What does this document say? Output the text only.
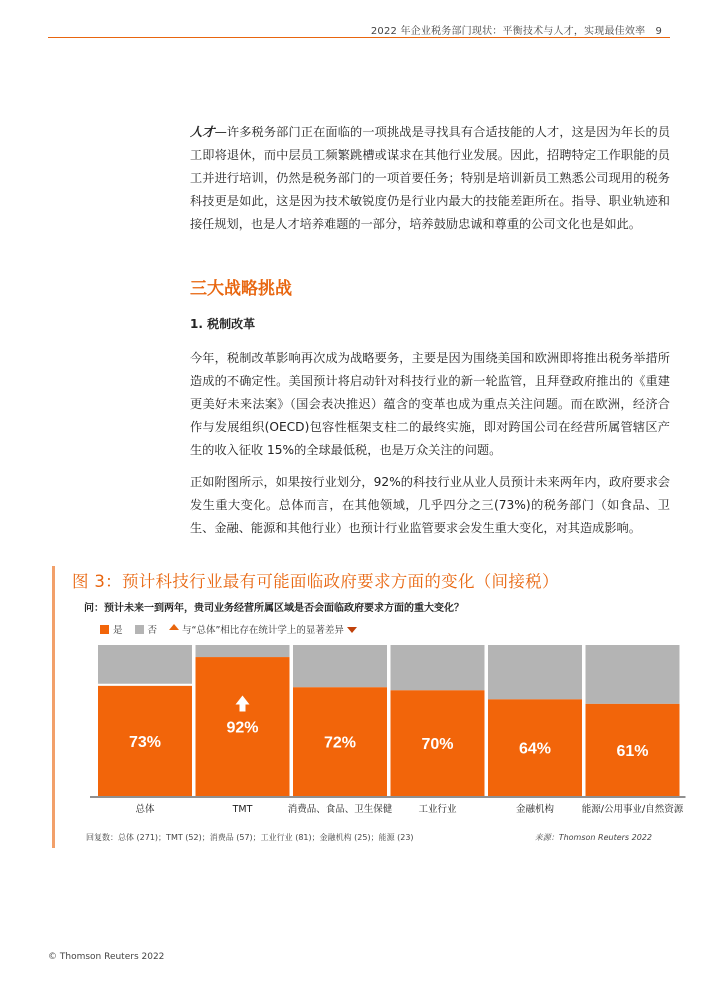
2022 年企业税务部门现状：平衡技术与人才，实现最佳效率 9
人才—许多税务部门正在面临的一项挑战是寻找具有合适技能的人才，这是因为年长的员工即将退休，而中层员工频繁跳槽或谋求在其他行业发展。因此，招聘特定工作职能的员工并进行培训，仍然是税务部门的一项首要任务；特别是培训新员工熟悉公司现用的税务科技更是如此，这是因为技术敏锐度仍是行业内最大的技能差距所在。指导、职业轨迹和接任规划，也是人才培养难题的一部分，培养鼓励忠诚和尊重的公司文化也是如此。
三大战略挑战
1. 税制改革
今年，税制改革影响再次成为战略要务，主要是因为围绕美国和欧洲即将推出税务举措所造成的不确定性。美国预计将启动针对科技行业的新一轮监管，且拜登政府推出的《重建更美好未来法案》（国会表决推迟）蕴含的变革也成为重点关注问题。而在欧洲，经济合作与发展组织(OECD)包容性框架支柱二的最终实施，即对跨国公司在经营所属管辖区产生的收入征收 15%的全球最低税，也是万众关注的问题。
正如附图所示，如果按行业划分，92%的科技行业从业人员预计未来两年内，政府要求会发生重大变化。总体而言，在其他领域，几乎四分之三(73%)的税务部门（如食品、卫生、金融、能源和其他行业）也预计行业监管要求会发生重大变化，对其造成影响。
图 3：预计科技行业最有可能面临政府要求方面的变化（间接税）
问：预计未来一到两年，贵司业务经营所属区域是否会面临政府要求方面的重大变化？
是	否	与“总体”相比存在统计学上的显著差异
73%
总体
92%
TMT
72%
消费品、食品、卫生保健
70%
工业行业
64%
金融机构
61%
能源/公用事业/自然资源
回复数：总体 (271)；TMT (52)；消费品 (57)；工业行业 (81)；金融机构 (25)；能源 (23)	来源：Thomson Reuters 2022
© Thomson Reuters 2022
